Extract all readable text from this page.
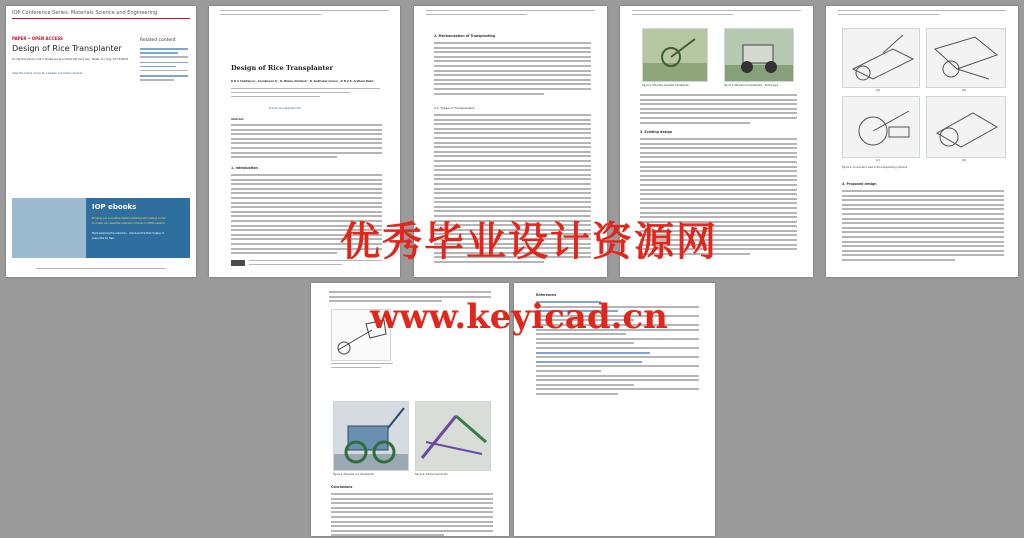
IOP Conference Series: Materials Science and Engineering
PAPER • OPEN ACCESS
Design of Rice Transplanter
To cite this article: D N V Chaitanya et al 2019 IOP Conf. Ser.: Mater. Sci. Eng. 577 012021
View the article online for updates and enhancements.
Related content
IOP ebooks
Bringing you innovative digital publishing with leading voices
to create your essential collection of books in STEM research.
Start exploring the collection - download the first chapter of
every title for free.
Design of Rice Transplanter
D N V Chaitanya¹, Arunkumar G¹, D. Bhanu Akhilesh¹, B. Sudhakar Israne¹, D N V S. Ardheni Babu¹
E-mail: arun@gmail.com
Abstract.
1. Introduction
2. Mechanization of Transplanting
2.1. Types of Transplanters
Figure 1. Manually operated transplanter	Figure 2. Mechanical transplanter – Riding type
3. Existing design
(a)	(b)
(c)	(d)
Figure 3. An isometric view of the transplanting machine
4. Proposed design
Figure 5. Proposed rice transplanter	Figure 6. Planter mechanism
Conclusions
References
优秀毕业设计资源网
www.keyicad.cn
